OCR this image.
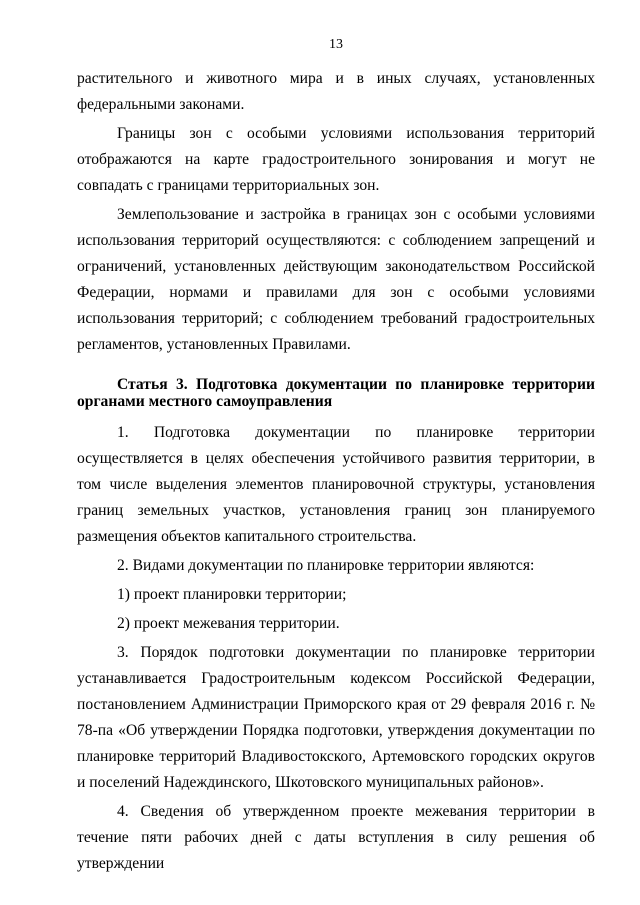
13

растительного и животного мира и в иных случаях, установленных федеральными законами.

Границы зон с особыми условиями использования территорий отображаются на карте градостроительного зонирования и могут не совпадать с границами территориальных зон.

Землепользование и застройка в границах зон с особыми условиями использования территорий осуществляются: с соблюдением запрещений и ограничений, установленных действующим законодательством Российской Федерации, нормами и правилами для зон с особыми условиями использования территорий; с соблюдением требований градостроительных регламентов, установленных Правилами.

Статья 3. Подготовка документации по планировке территории органами местного самоуправления

1. Подготовка документации по планировке территории осуществляется в целях обеспечения устойчивого развития территории, в том числе выделения элементов планировочной структуры, установления границ земельных участков, установления границ зон планируемого размещения объектов капитального строительства.

2. Видами документации по планировке территории являются:

1) проект планировки территории;

2) проект межевания территории.

3. Порядок подготовки документации по планировке территории устанавливается Градостроительным кодексом Российской Федерации, постановлением Администрации Приморского края от 29 февраля 2016 г. № 78-па «Об утверждении Порядка подготовки, утверждения документации по планировке территорий Владивостокского, Артемовского городских округов и поселений Надеждинского, Шкотовского муниципальных районов».

4. Сведения об утвержденном проекте межевания территории в течение пяти рабочих дней с даты вступления в силу решения об утверждении
